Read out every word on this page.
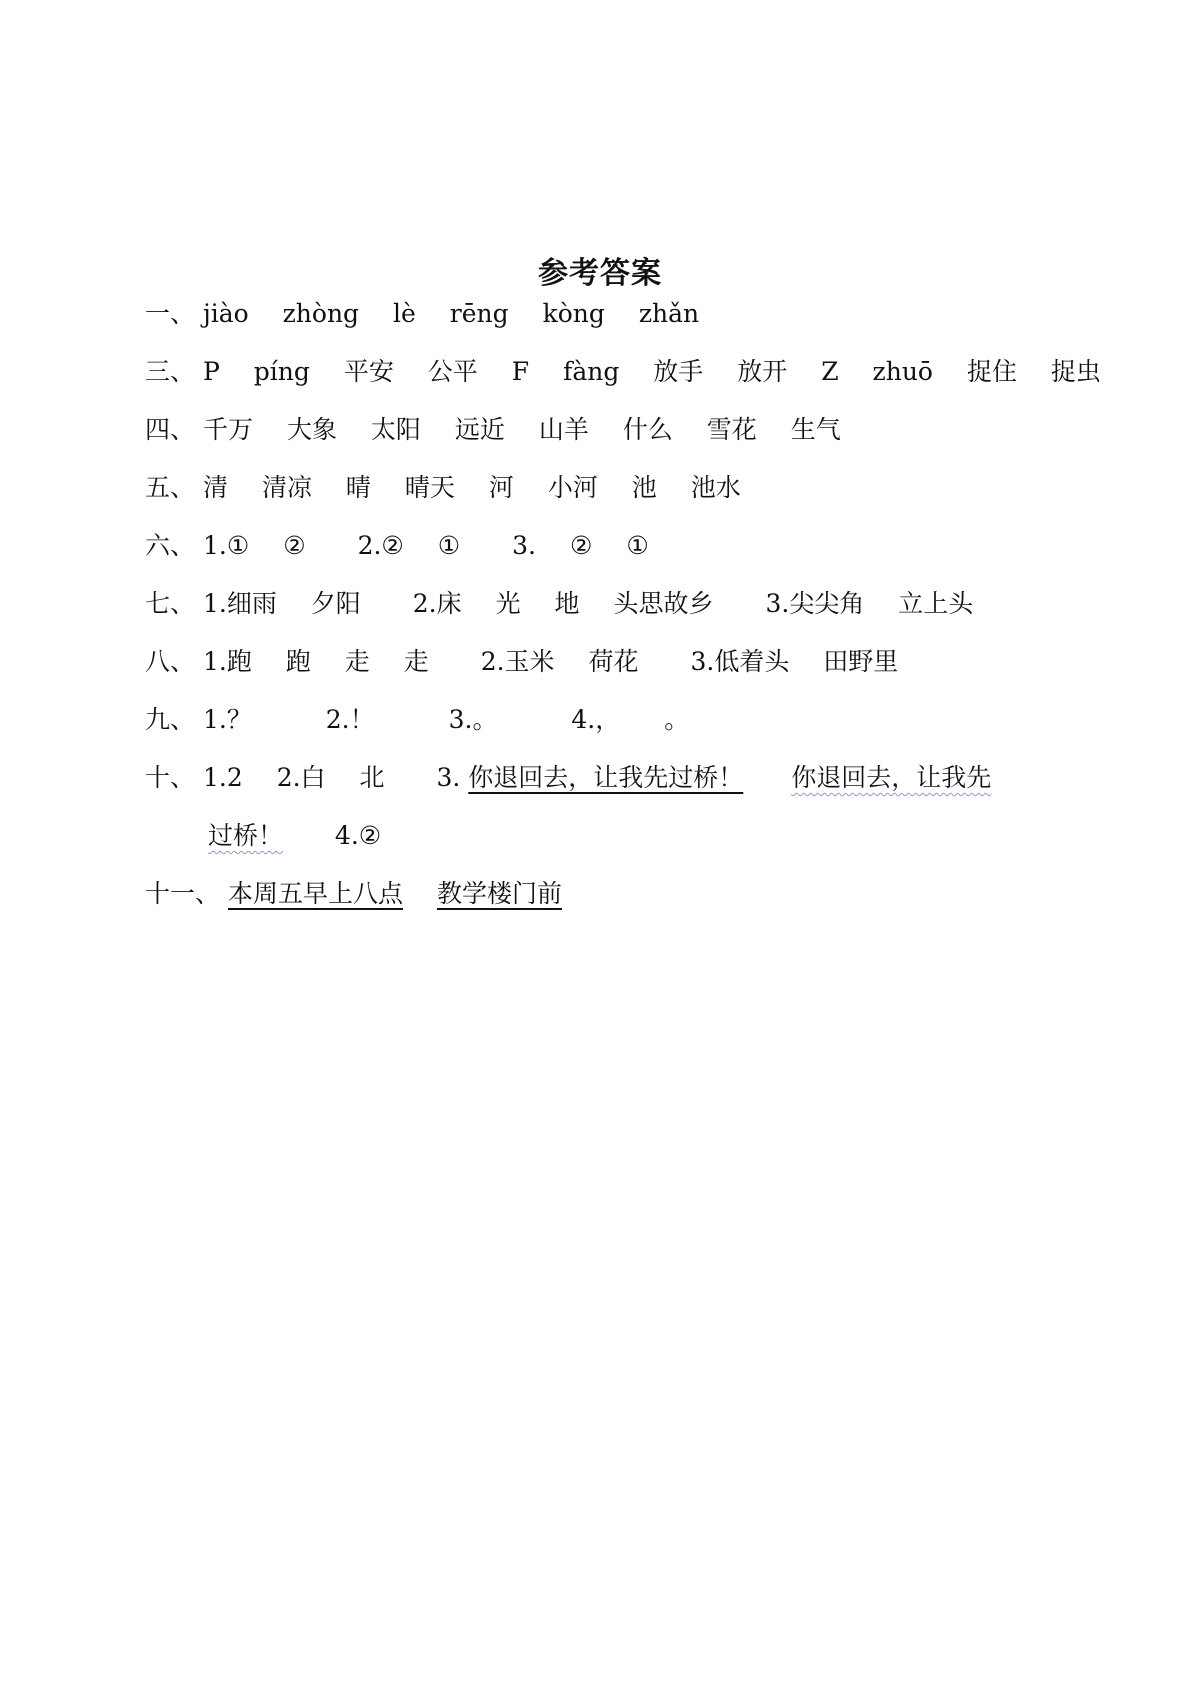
参考答案
一、 jiào zhòng lè rēng kòng zhǎn
三、 P píng 平安 公平 F fàng 放手 放开 Z zhuō 捉住 捉虫
四、 千万 大象 太阳 远近 山羊 什么 雪花 生气
五、 清 清凉 晴 晴天 河 小河 池 池水
六、 1.① ② 2.② ① 3. ② ①
七、 1.细雨 夕阳 2.床 光 地 头思故乡 3.尖尖角 立上头
八、 1.跑 跑 走 走 2.玉米 荷花 3.低着头 田野里
九、 1.？	2.！	3.。	4.， 。
十、 1.2 2.白 北 3. 你退回去，让我先过桥！ 你退回去，让我先
过桥！ 4.②
十一、 本周五早上八点 教学楼门前
